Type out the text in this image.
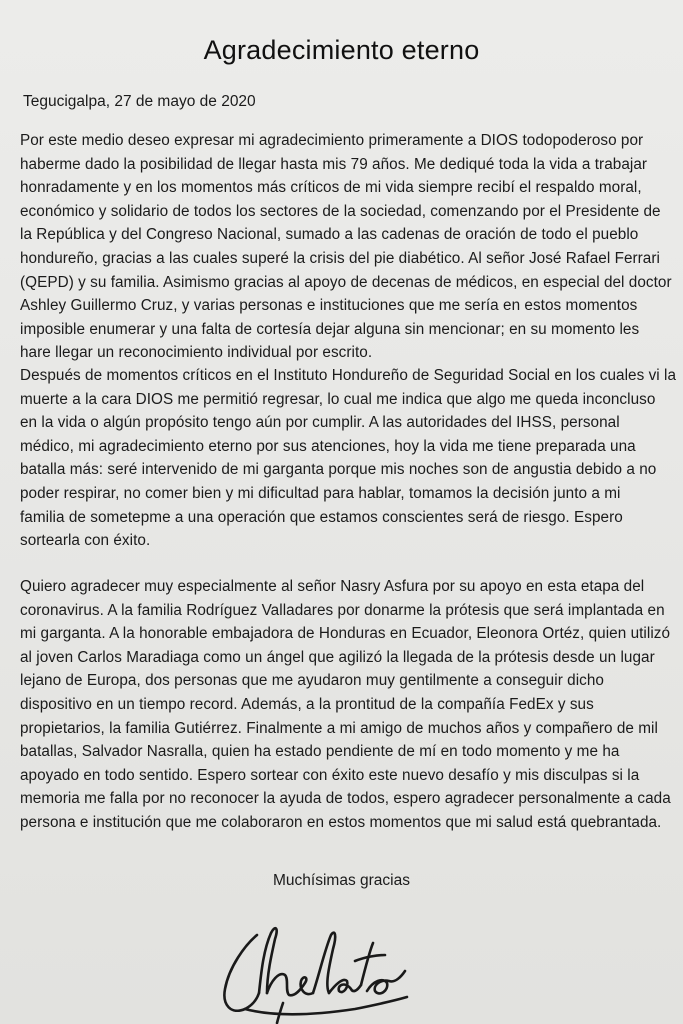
Agradecimiento eterno
Tegucigalpa, 27 de mayo de 2020
Por este medio deseo expresar mi agradecimiento primeramente a DIOS todopoderoso por
haberme dado la posibilidad de llegar hasta mis 79 años. Me dediqué toda la vida a trabajar
honradamente y en los momentos más críticos de mi vida siempre recibí el respaldo moral,
económico y solidario de todos los sectores de la sociedad, comenzando por el Presidente de
la República y del Congreso Nacional, sumado a las cadenas de oración de todo el pueblo
hondureño, gracias a las cuales superé la crisis del pie diabético. Al señor José Rafael Ferrari
(QEPD) y su familia. Asimismo gracias al apoyo de decenas de médicos, en especial del doctor
Ashley Guillermo Cruz, y varias personas e instituciones que me sería en estos momentos
imposible enumerar y una falta de cortesía dejar alguna sin mencionar; en su momento les
hare llegar un reconocimiento individual por escrito.
Después de momentos críticos en el Instituto Hondureño de Seguridad Social en los cuales vi la
muerte a la cara DIOS me permitió regresar, lo cual me indica que algo me queda inconcluso
en la vida o algún propósito tengo aún por cumplir. A las autoridades del IHSS, personal
médico, mi agradecimiento eterno por sus atenciones, hoy la vida me tiene preparada una
batalla más: seré intervenido de mi garganta porque mis noches son de angustia debido a no
poder respirar, no comer bien y mi dificultad para hablar, tomamos la decisión junto a mi
familia de sometерme a una operación que estamos conscientes será de riesgo. Espero
sortearla con éxito.
Quiero agradecer muy especialmente al señor Nasry Asfura por su apoyo en esta etapa del
coronavirus. A la familia Rodríguez Valladares por donarme la prótesis que será implantada en
mi garganta. A la honorable embajadora de Honduras en Ecuador, Eleonora Ortéz, quien utilizó
al joven Carlos Maradiaga como un ángel que agilizó la llegada de la prótesis desde un lugar
lejano de Europa, dos personas que me ayudaron muy gentilmente a conseguir dicho
dispositivo en un tiempo record. Además, a la prontitud de la compañía FedEx y sus
propietarios, la familia Gutiérrez. Finalmente a mi amigo de muchos años y compañero de mil
batallas, Salvador Nasralla, quien ha estado pendiente de mí en todo momento y me ha
apoyado en todo sentido. Espero sortear con éxito este nuevo desafío y mis disculpas si la
memoria me falla por no reconocer la ayuda de todos, espero agradecer personalmente a cada
persona e institución que me colaboraron en estos momentos que mi salud está quebrantada.
Muchísimas gracias
